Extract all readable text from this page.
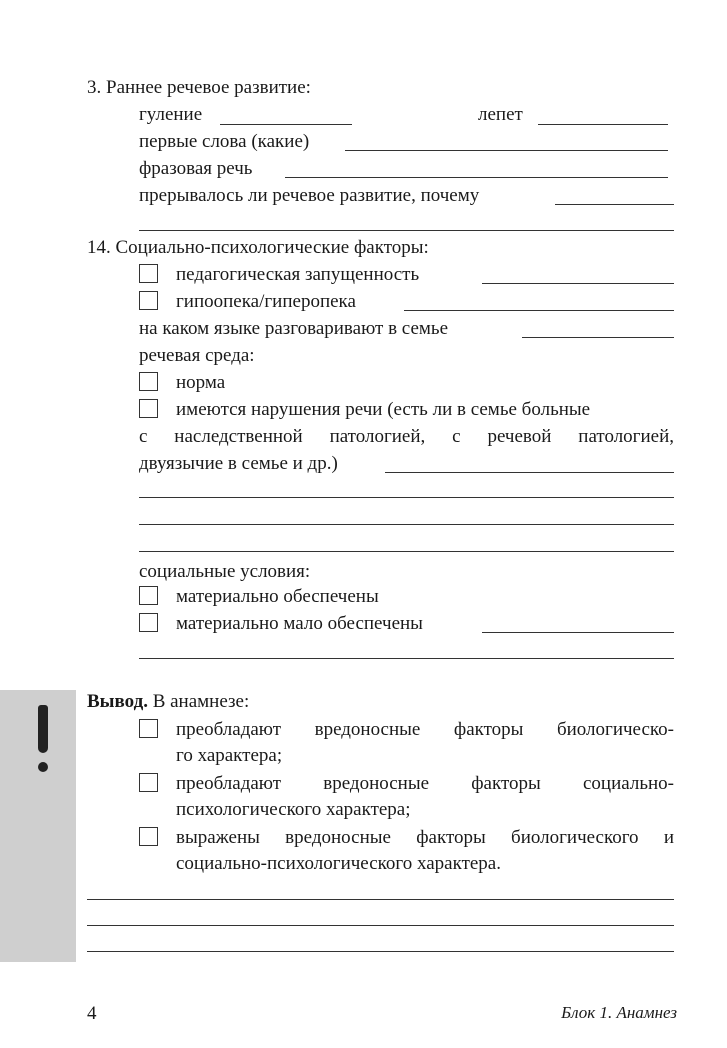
3. Раннее речевое развитие:
гуление	лепет
первые слова (какие)
фразовая речь
прерывалось ли речевое развитие, почему
14. Социально-психологические факторы:
педагогическая запущенность
гипоопека/гиперопека
на каком языке разговаривают в семье
речевая среда:
норма
имеются нарушения речи (есть ли в семье больные
с наследственной патологией, с речевой патологией,
двуязычие в семье и др.)
социальные условия:
материально обеспечены
материально мало обеспечены
Вывод. В анамнезе:
преобладают вредоносные факторы биологическо-
го характера;
преобладают вредоносные факторы социально-
психологического характера;
выражены вредоносные факторы биологического и
социально-психологического характера.
4	Блок 1. Анамнез
